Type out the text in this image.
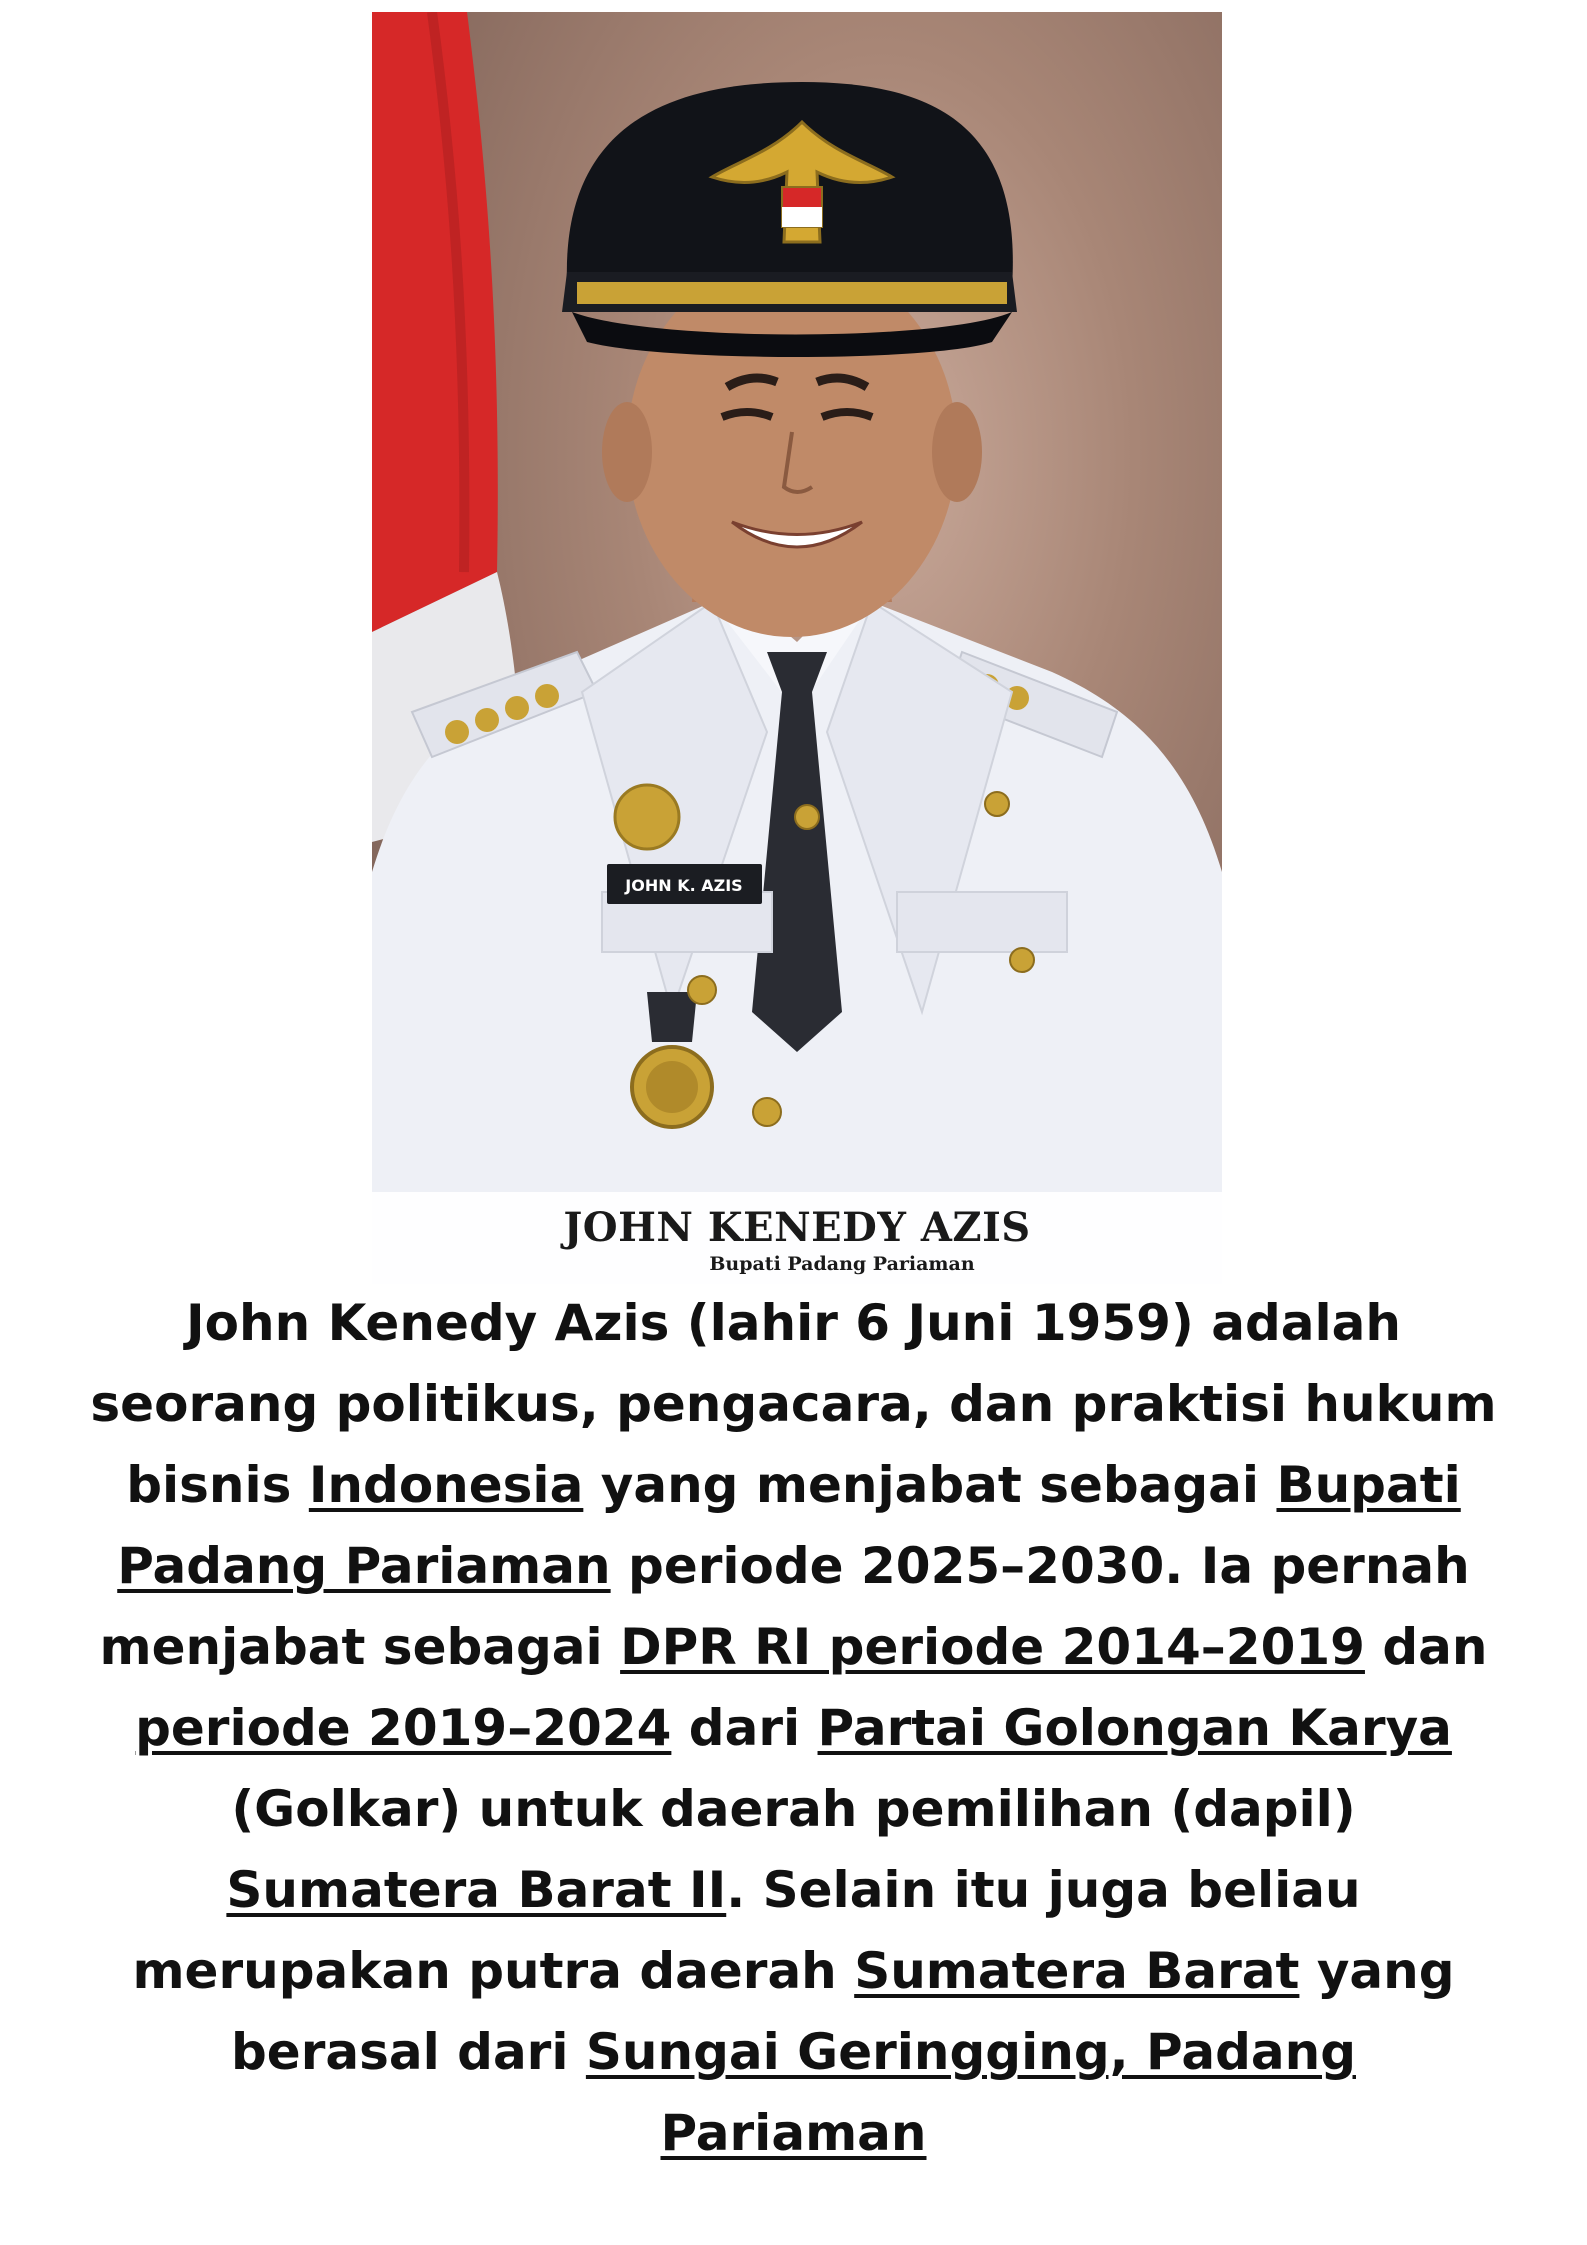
JOHN K. AZIS
JOHN KENEDY AZIS
Bupati Padang Pariaman
John Kenedy Azis (lahir 6 Juni 1959) adalah seorang politikus, pengacara, dan praktisi hukum bisnis Indonesia yang menjabat sebagai Bupati Padang Pariaman periode 2025–2030. Ia pernah menjabat sebagai DPR RI periode 2014–2019 dan periode 2019–2024 dari Partai Golongan Karya (Golkar) untuk daerah pemilihan (dapil) Sumatera Barat II. Selain itu juga beliau merupakan putra daerah Sumatera Barat yang berasal dari Sungai Geringging, Padang Pariaman
